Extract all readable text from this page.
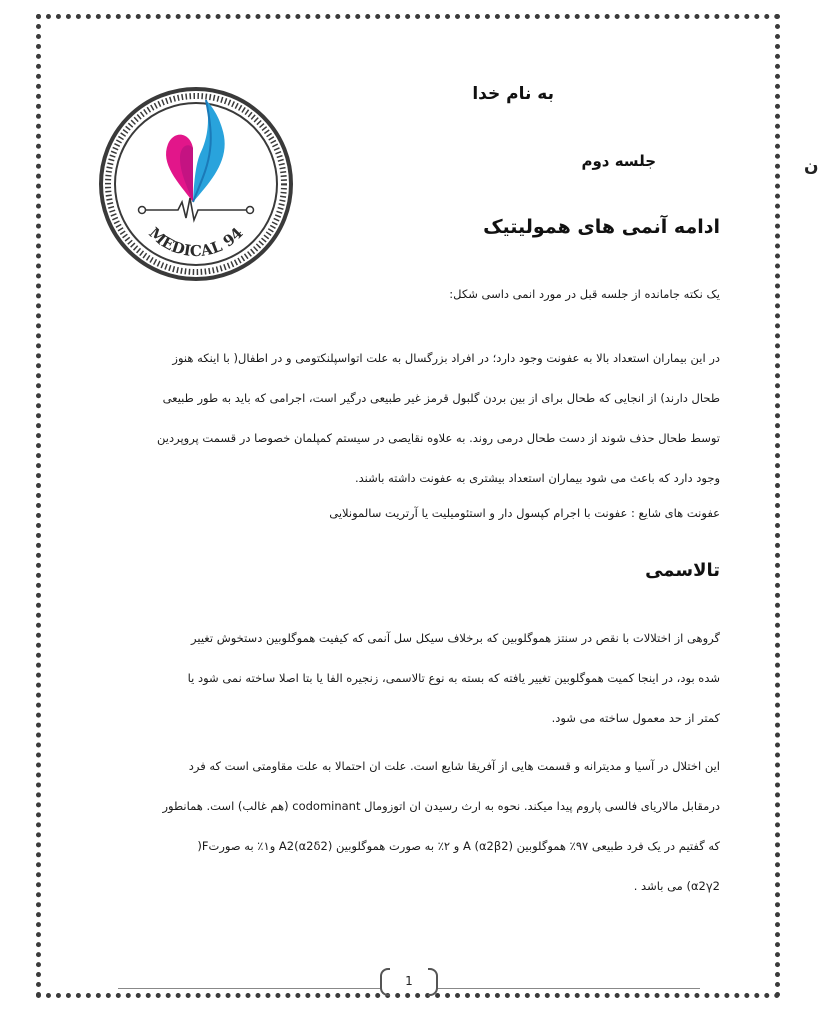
ن
MEDICAL 94
به نام خدا
جلسه دوم
ادامه آنمی های همولیتیک

یک نکته جامانده از جلسه قبل در مورد انمی داسی شکل:

در این بیماران استعداد بالا به عفونت وجود دارد؛ در افراد بزرگسال به علت اتواسپلنکتومی و در اطفال( با اینکه هنوز

طحال دارند) از انجایی که طحال برای از بین بردن گلبول قرمز غیر طبیعی درگیر است، اجرامی که باید به طور طبیعی

توسط طحال حذف شوند از دست طحال درمی روند. به علاوه نقایصی در سیستم کمپلمان خصوصا در قسمت پروپردین

وجود دارد که باعث می شود بیماران استعداد بیشتری به عفونت داشته باشند.

عفونت های شایع : عفونت با اجرام کپسول دار و استئومیلیت یا آرتریت سالمونلایی

تالاسمی

گروهی از اختلالات با نقص در سنتز هموگلوبین که برخلاف سیکل سل آنمی که کیفیت هموگلوبین دستخوش تغییر

شده بود، در اینجا کمیت هموگلوبین تغییر یافته که بسته به نوع تالاسمی، زنجیره الفا یا بتا اصلا ساخته نمی شود یا

کمتر از حد معمول ساخته می شود.

این اختلال در آسیا و مدیترانه و قسمت هایی از آفریقا شایع است. علت ان احتمالا به علت مقاومتی است که فرد

درمقابل مالاریای فالسی پاروم پیدا میکند. نحوه به ارث رسیدن ان اتوزومال codominant (هم غالب) است. همانطور

که گفتیم در یک فرد طبیعی ۹۷٪ هموگلوبین A (α2β2) و ۲٪ به صورت هموگلوبین A2(α2δ2) و۱٪ به صورتF(

α2γ2) می باشد .

1
